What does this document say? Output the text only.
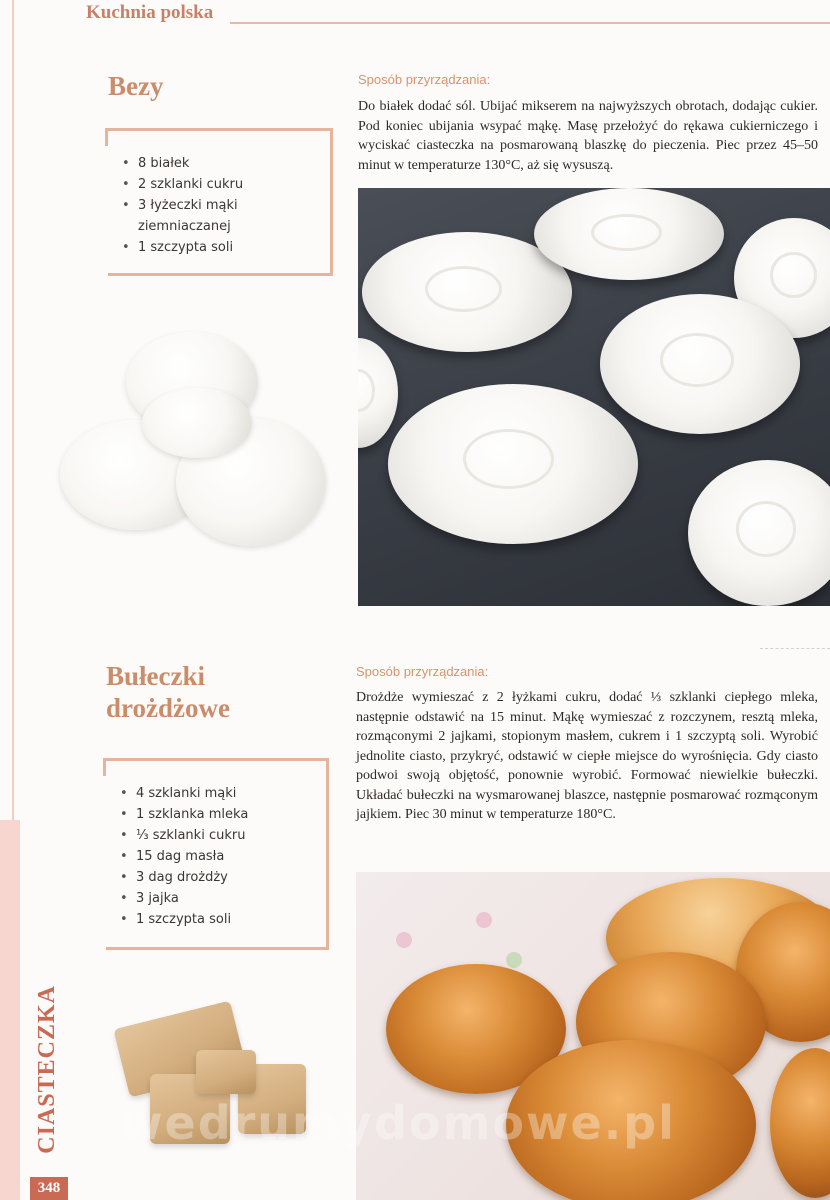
Kuchnia polska
Bezy
• 8 białek
• 2 szklanki cukru
• 3 łyżeczki mąki ziemniaczanej
• 1 szczypta soli
Sposób przyrządzania:
Do białek dodać sól. Ubijać mikserem na najwyższych obrotach, dodając cukier. Pod koniec ubijania wsypać mąkę. Masę przełożyć do rękawa cukierniczego i wyciskać ciasteczka na posmarowaną blaszkę do pieczenia. Piec przez 45–50 minut w temperaturze 130°C, aż się wysuszą.
Bułeczki
drożdżowe
• 4 szklanki mąki
• 1 szklanka mleka
• ⅓ szklanki cukru
• 15 dag masła
• 3 dag drożdży
• 3 jajka
• 1 szczypta soli
Sposób przyrządzania:
Drożdże wymieszać z 2 łyżkami cukru, dodać ⅓ szklanki ciepłego mleka, następnie odstawić na 15 minut. Mąkę wymieszać z rozczynem, resztą mleka, rozmąconymi 2 jajkami, stopionym masłem, cukrem i 1 szczyptą soli. Wyrobić jednolite ciasto, przykryć, odstawić w ciepłe miejsce do wyrośnięcia. Gdy ciasto podwoi swoją objętość, ponownie wyrobić. Formować niewielkie bułeczki. Układać bułeczki na wysmarowanej blaszce, następnie posmarować rozmąconym jajkiem. Piec 30 minut w temperaturze 180°C.
wedrumydomowe.pl
CIASTECZKA
348
